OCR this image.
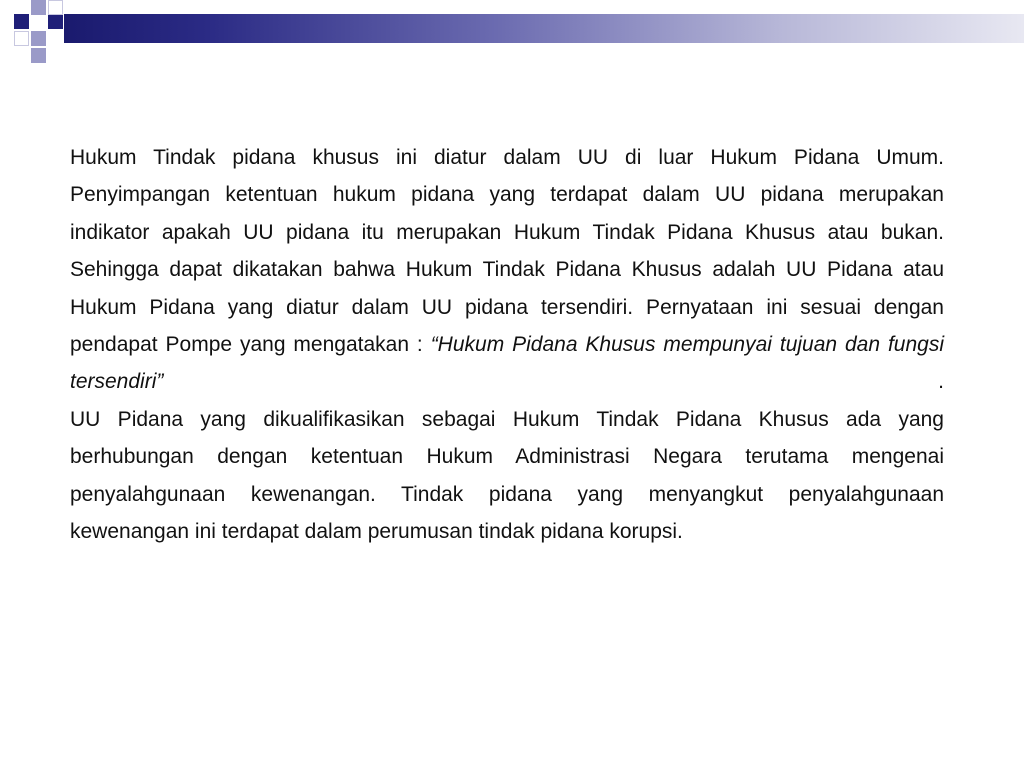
Hukum Tindak pidana khusus ini diatur dalam UU di luar Hukum Pidana Umum. Penyimpangan ketentuan hukum pidana yang terdapat dalam UU pidana merupakan indikator apakah UU pidana itu merupakan Hukum Tindak Pidana Khusus atau bukan. Sehingga dapat dikatakan bahwa Hukum Tindak Pidana Khusus adalah UU Pidana atau Hukum Pidana yang diatur dalam UU pidana tersendiri. Pernyataan ini sesuai dengan pendapat Pompe yang mengatakan : “Hukum Pidana Khusus mempunyai tujuan dan fungsi tersendiri” .

UU Pidana yang dikualifikasikan sebagai Hukum Tindak Pidana Khusus ada yang berhubungan dengan ketentuan Hukum Administrasi Negara terutama mengenai penyalahgunaan kewenangan. Tindak pidana yang menyangkut penyalahgunaan kewenangan ini terdapat dalam perumusan tindak pidana korupsi.
